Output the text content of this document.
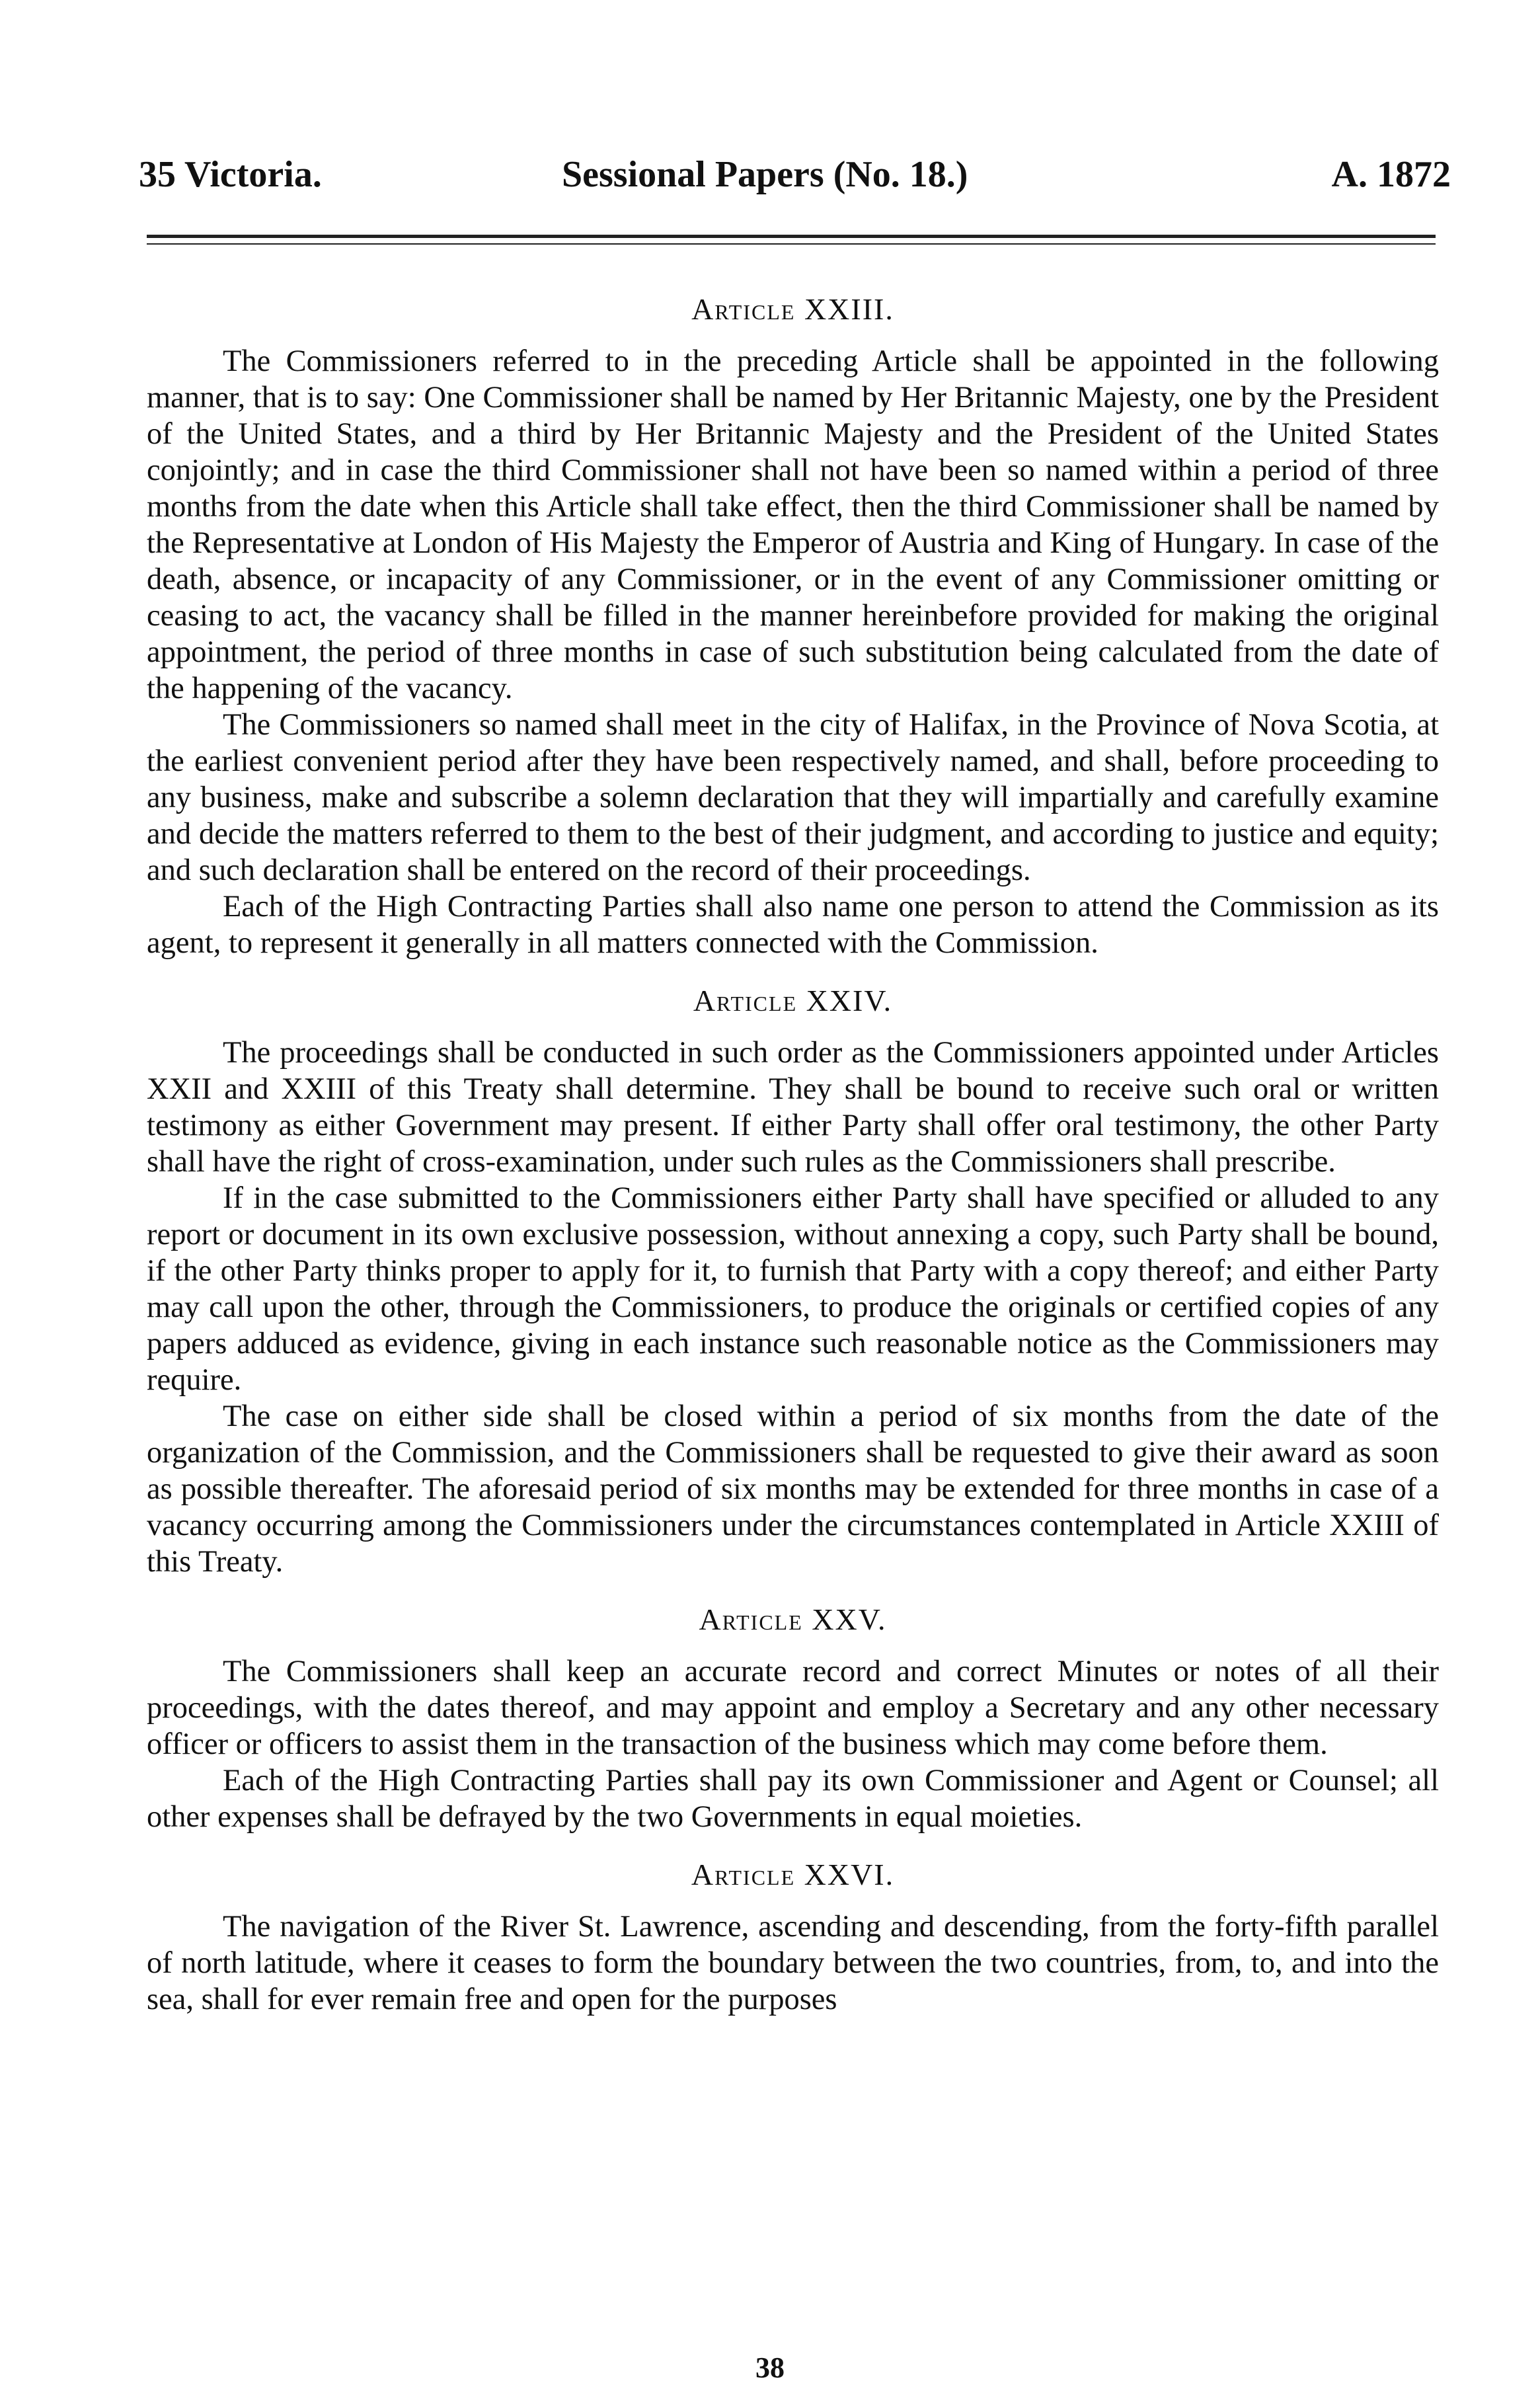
35 Victoria.	Sessional Papers (No. 18.)	A. 1872

Article XXIII.

The Commissioners referred to in the preceding Article shall be appointed in the following manner, that is to say: One Commissioner shall be named by Her Britannic Majesty, one by the President of the United States, and a third by Her Britannic Majesty and the President of the United States conjointly; and in case the third Commissioner shall not have been so named within a period of three months from the date when this Article shall take effect, then the third Commissioner shall be named by the Representative at London of His Majesty the Emperor of Austria and King of Hungary. In case of the death, absence, or incapacity of any Commissioner, or in the event of any Commissioner omitting or ceasing to act, the vacancy shall be filled in the manner hereinbefore provided for making the original appointment, the period of three months in case of such substitution being calculated from the date of the happening of the vacancy.

The Commissioners so named shall meet in the city of Halifax, in the Province of Nova Scotia, at the earliest convenient period after they have been respectively named, and shall, before proceeding to any business, make and subscribe a solemn declaration that they will impartially and carefully examine and decide the matters referred to them to the best of their judgment, and according to justice and equity; and such declaration shall be entered on the record of their proceedings.

Each of the High Contracting Parties shall also name one person to attend the Commission as its agent, to represent it generally in all matters connected with the Commission.

Article XXIV.

The proceedings shall be conducted in such order as the Commissioners appointed under Articles XXII and XXIII of this Treaty shall determine. They shall be bound to receive such oral or written testimony as either Government may present. If either Party shall offer oral testimony, the other Party shall have the right of cross-examination, under such rules as the Commissioners shall prescribe.

If in the case submitted to the Commissioners either Party shall have specified or alluded to any report or document in its own exclusive possession, without annexing a copy, such Party shall be bound, if the other Party thinks proper to apply for it, to furnish that Party with a copy thereof; and either Party may call upon the other, through the Commissioners, to produce the originals or certified copies of any papers adduced as evidence, giving in each instance such reasonable notice as the Commissioners may require.

The case on either side shall be closed within a period of six months from the date of the organization of the Commission, and the Commissioners shall be requested to give their award as soon as possible thereafter. The aforesaid period of six months may be extended for three months in case of a vacancy occurring among the Commissioners under the circumstances contemplated in Article XXIII of this Treaty.

Article XXV.

The Commissioners shall keep an accurate record and correct Minutes or notes of all their proceedings, with the dates thereof, and may appoint and employ a Secretary and any other necessary officer or officers to assist them in the transaction of the business which may come before them.

Each of the High Contracting Parties shall pay its own Commissioner and Agent or Counsel; all other expenses shall be defrayed by the two Governments in equal moieties.

Article XXVI.

The navigation of the River St. Lawrence, ascending and descending, from the forty-fifth parallel of north latitude, where it ceases to form the boundary between the two countries, from, to, and into the sea, shall for ever remain free and open for the purposes

38
